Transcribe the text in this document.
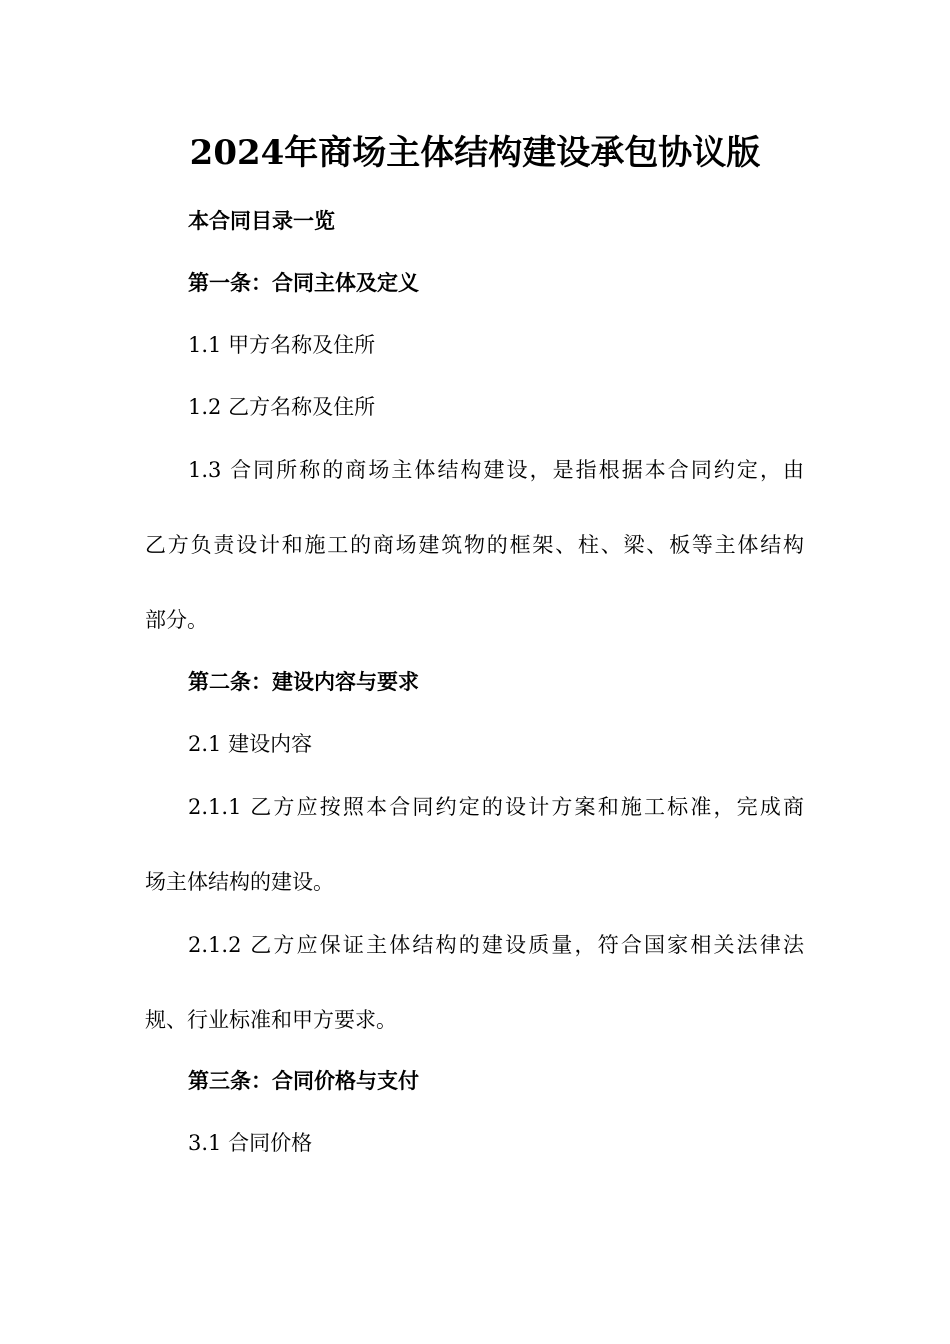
2024年商场主体结构建设承包协议版
本合同目录一览
第一条：合同主体及定义
1.1 甲方名称及住所
1.2 乙方名称及住所
1.3 合同所称的商场主体结构建设，是指根据本合同约定，由
乙方负责设计和施工的商场建筑物的框架、柱、梁、板等主体结构
部分。
第二条：建设内容与要求
2.1 建设内容
2.1.1 乙方应按照本合同约定的设计方案和施工标准，完成商
场主体结构的建设。
2.1.2 乙方应保证主体结构的建设质量，符合国家相关法律法
规、行业标准和甲方要求。
第三条：合同价格与支付
3.1 合同价格
